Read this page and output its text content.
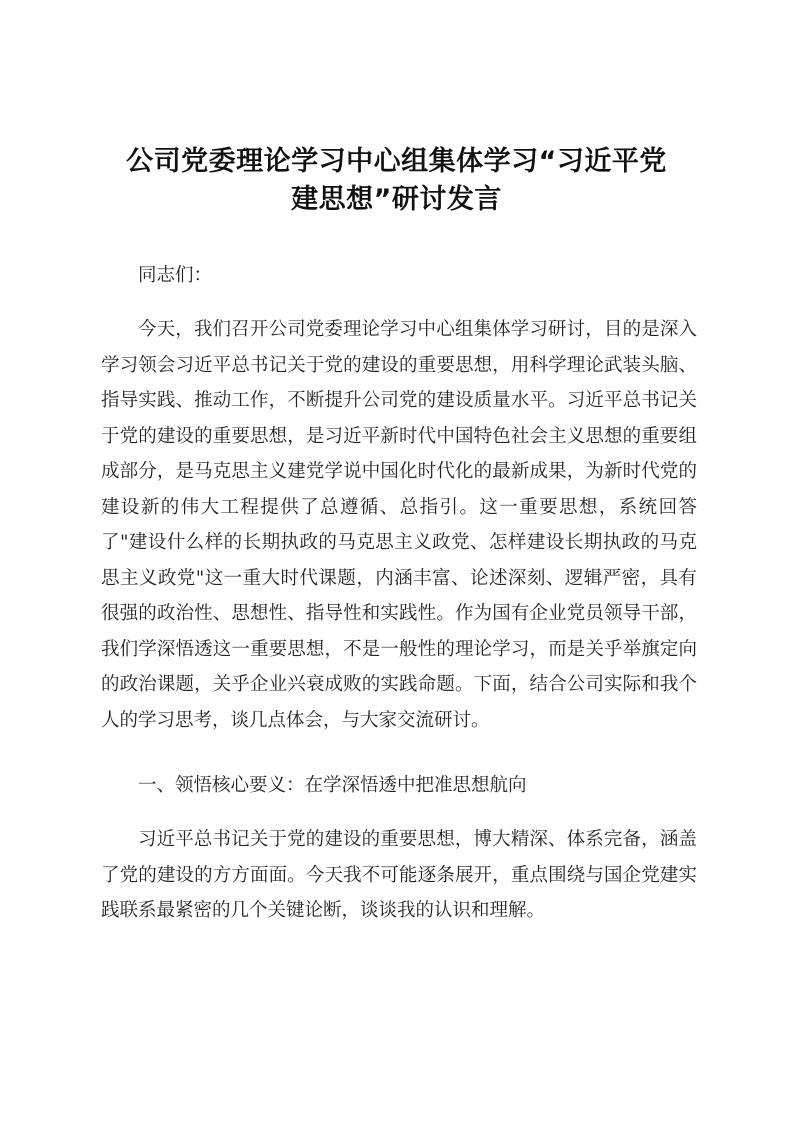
公司党委理论学习中心组集体学习“习近平党
建思想”研讨发言

同志们：

今天，我们召开公司党委理论学习中心组集体学习研讨，目的是深入学习领会习近平总书记关于党的建设的重要思想，用科学理论武装头脑、指导实践、推动工作，不断提升公司党的建设质量水平。习近平总书记关于党的建设的重要思想，是习近平新时代中国特色社会主义思想的重要组成部分，是马克思主义建党学说中国化时代化的最新成果，为新时代党的建设新的伟大工程提供了总遵循、总指引。这一重要思想，系统回答了"建设什么样的长期执政的马克思主义政党、怎样建设长期执政的马克思主义政党"这一重大时代课题，内涵丰富、论述深刻、逻辑严密，具有很强的政治性、思想性、指导性和实践性。作为国有企业党员领导干部，我们学深悟透这一重要思想，不是一般性的理论学习，而是关乎举旗定向的政治课题，关乎企业兴衰成败的实践命题。下面，结合公司实际和我个人的学习思考，谈几点体会，与大家交流研讨。

一、领悟核心要义：在学深悟透中把准思想航向

习近平总书记关于党的建设的重要思想，博大精深、体系完备，涵盖了党的建设的方方面面。今天我不可能逐条展开，重点围绕与国企党建实践联系最紧密的几个关键论断，谈谈我的认识和理解。
